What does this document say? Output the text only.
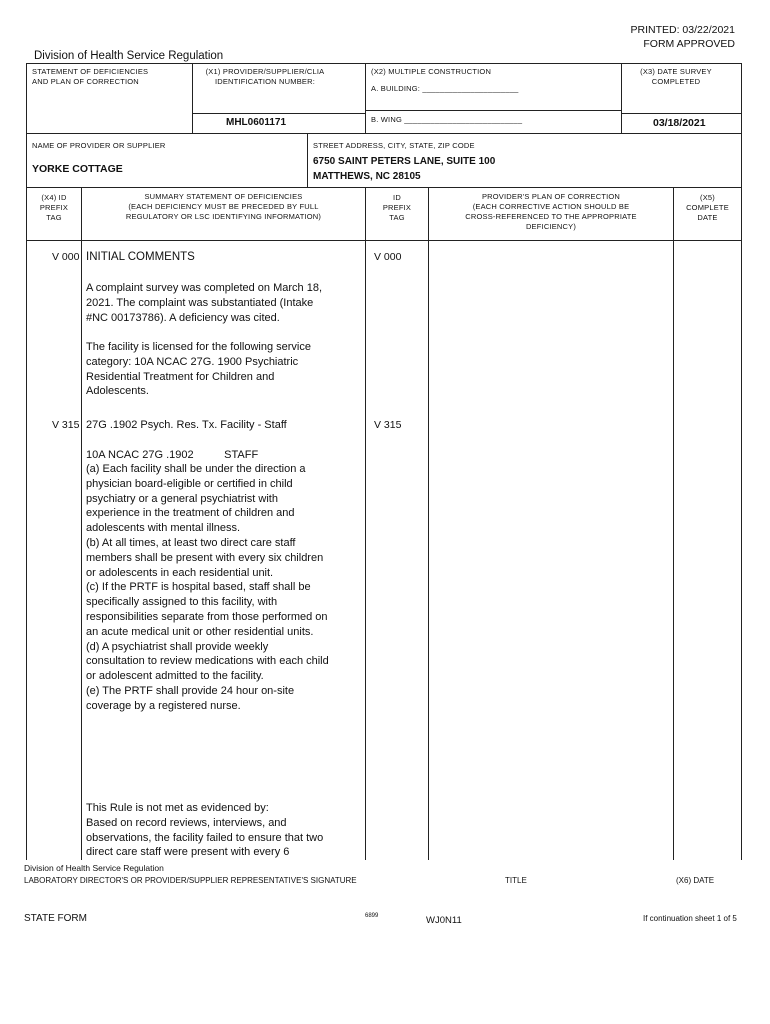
PRINTED: 03/22/2021
FORM APPROVED
Division of Health Service Regulation
STATEMENT OF DEFICIENCIES
AND PLAN OF CORRECTION
(X1) PROVIDER/SUPPLIER/CLIA
IDENTIFICATION NUMBER:
MHL0601171
(X2) MULTIPLE CONSTRUCTION
A. BUILDING: ______________________
B. WING ___________________________
(X3) DATE SURVEY
COMPLETED
03/18/2021
NAME OF PROVIDER OR SUPPLIER
YORKE COTTAGE
STREET ADDRESS, CITY, STATE, ZIP CODE
6750 SAINT PETERS LANE, SUITE 100
MATTHEWS, NC 28105
(X4) ID
PREFIX
TAG
SUMMARY STATEMENT OF DEFICIENCIES
(EACH DEFICIENCY MUST BE PRECEDED BY FULL
REGULATORY OR LSC IDENTIFYING INFORMATION)
ID
PREFIX
TAG
PROVIDER'S PLAN OF CORRECTION
(EACH CORRECTIVE ACTION SHOULD BE
CROSS-REFERENCED TO THE APPROPRIATE
DEFICIENCY)
(X5)
COMPLETE
DATE
V 000	V 000
INITIAL COMMENTS
A complaint survey was completed on March 18,
2021. The complaint was substantiated (Intake
#NC 00173786). A deficiency was cited.
The facility is licensed for the following service
category: 10A NCAC 27G. 1900 Psychiatric
Residential Treatment for Children and
Adolescents.
V 315	V 315
27G .1902 Psych. Res. Tx. Facility - Staff
10A NCAC 27G .1902          STAFF
(a) Each facility shall be under the direction a
physician board-eligible or certified in child
psychiatry or a general psychiatrist with
experience in the treatment of children and
adolescents with mental illness.
(b) At all times, at least two direct care staff
members shall be present with every six children
or adolescents in each residential unit.
(c) If the PRTF is hospital based, staff shall be
specifically assigned to this facility, with
responsibilities separate from those performed on
an acute medical unit or other residential units.
(d) A psychiatrist shall provide weekly
consultation to review medications with each child
or adolescent admitted to the facility.
(e) The PRTF shall provide 24 hour on-site
coverage by a registered nurse.
This Rule is not met as evidenced by:
Based on record reviews, interviews, and
observations, the facility failed to ensure that two
direct care staff were present with every 6
Division of Health Service Regulation
LABORATORY DIRECTOR'S OR PROVIDER/SUPPLIER REPRESENTATIVE'S SIGNATURE	TITLE	(X6) DATE
STATE FORM	6899	WJ0N11	If continuation sheet 1 of 5
